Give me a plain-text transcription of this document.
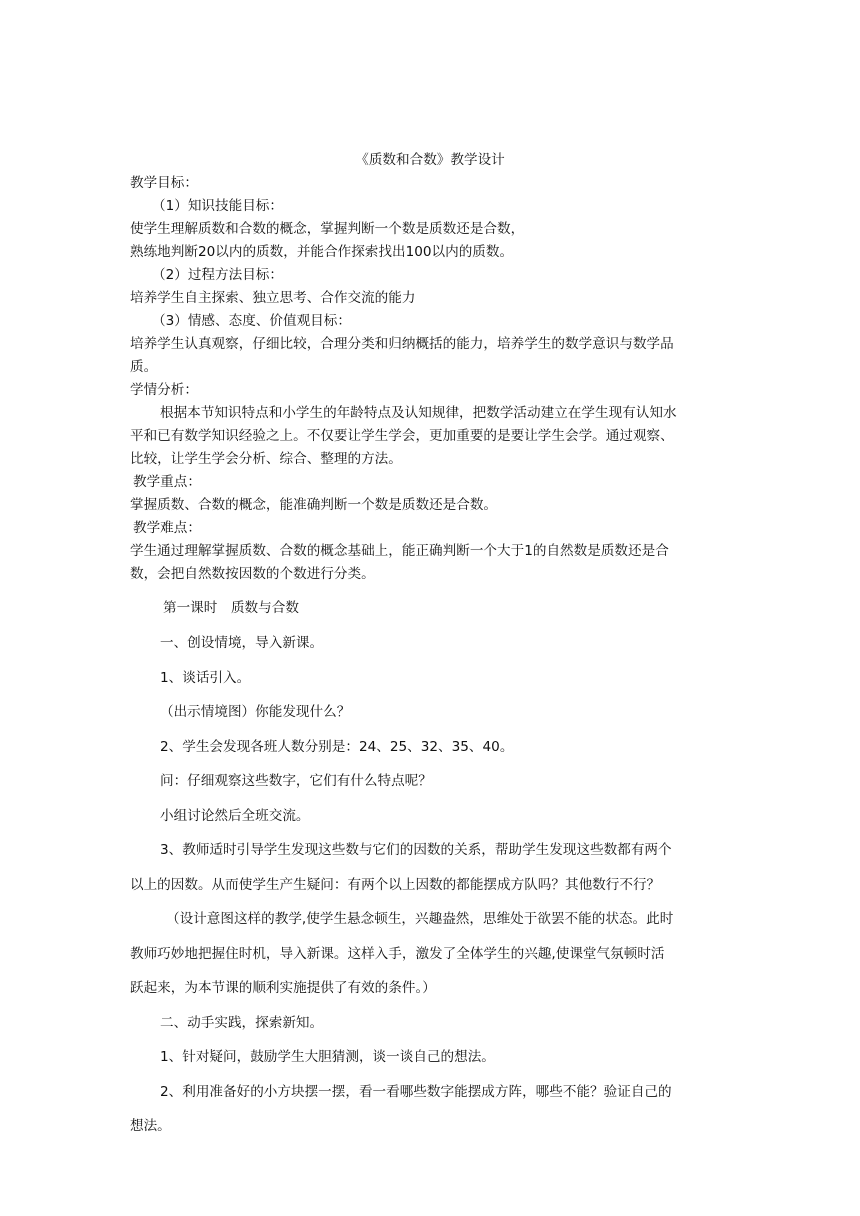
《质数和合数》教学设计
教学目标：
（1）知识技能目标：
使学生理解质数和合数的概念，掌握判断一个数是质数还是合数，
熟练地判断20以内的质数，并能合作探索找出100以内的质数。
（2）过程方法目标：
培养学生自主探索、独立思考、合作交流的能力
（3）情感、态度、价值观目标：
培养学生认真观察，仔细比较，合理分类和归纳概括的能力，培养学生的数学意识与数学品
质。
学情分析：
根据本节知识特点和小学生的年龄特点及认知规律，把数学活动建立在学生现有认知水
平和已有数学知识经验之上。不仅要让学生学会，更加重要的是要让学生会学。通过观察、
比较，让学生学会分析、综合、整理的方法。
教学重点：
掌握质数、合数的概念，能准确判断一个数是质数还是合数。
教学难点：
学生通过理解掌握质数、合数的概念基础上，能正确判断一个大于1的自然数是质数还是合
数，会把自然数按因数的个数进行分类。
第一课时　质数与合数
一、创设情境，导入新课。
1、谈话引入。
（出示情境图）你能发现什么？
2、学生会发现各班人数分别是：24、25、32、35、40。
问：仔细观察这些数字，它们有什么特点呢？
小组讨论然后全班交流。
3、教师适时引导学生发现这些数与它们的因数的关系，帮助学生发现这些数都有两个
以上的因数。从而使学生产生疑问：有两个以上因数的都能摆成方队吗？其他数行不行？
（设计意图这样的教学,使学生悬念顿生，兴趣盎然，思维处于欲罢不能的状态。此时
教师巧妙地把握住时机，导入新课。这样入手，激发了全体学生的兴趣,使课堂气氛顿时活
跃起来，为本节课的顺利实施提供了有效的条件。）
二、动手实践，探索新知。
1、针对疑问，鼓励学生大胆猜测，谈一谈自己的想法。
2、利用准备好的小方块摆一摆，看一看哪些数字能摆成方阵，哪些不能？验证自己的
想法。
